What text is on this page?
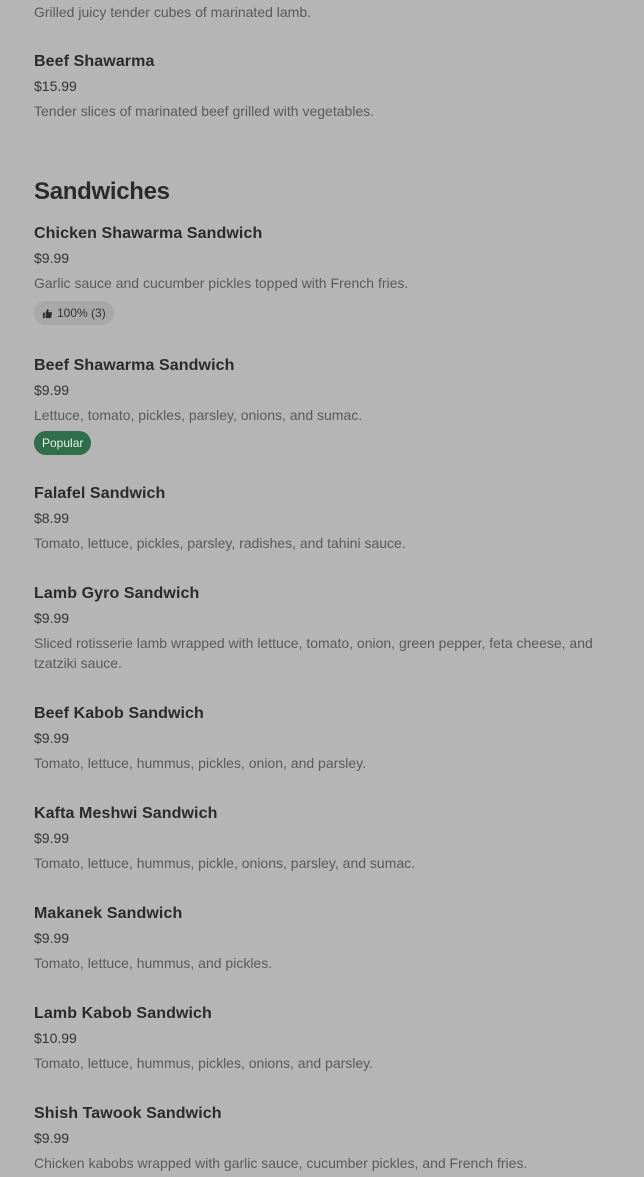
Grilled juicy tender cubes of marinated lamb.
Beef Shawarma
$15.99
Tender slices of marinated beef grilled with vegetables.
Sandwiches
Chicken Shawarma Sandwich
$9.99
Garlic sauce and cucumber pickles topped with French fries.
100% (3)
Beef Shawarma Sandwich
$9.99
Lettuce, tomato, pickles, parsley, onions, and sumac.
Popular
Falafel Sandwich
$8.99
Tomato, lettuce, pickles, parsley, radishes, and tahini sauce.
Lamb Gyro Sandwich
$9.99
Sliced rotisserie lamb wrapped with lettuce, tomato, onion, green pepper, feta cheese, and tzatziki sauce.
Beef Kabob Sandwich
$9.99
Tomato, lettuce, hummus, pickles, onion, and parsley.
Kafta Meshwi Sandwich
$9.99
Tomato, lettuce, hummus, pickle, onions, parsley, and sumac.
Makanek Sandwich
$9.99
Tomato, lettuce, hummus, and pickles.
Lamb Kabob Sandwich
$10.99
Tomato, lettuce, hummus, pickles, onions, and parsley.
Shish Tawook Sandwich
$9.99
Chicken kabobs wrapped with garlic sauce, cucumber pickles, and French fries.
